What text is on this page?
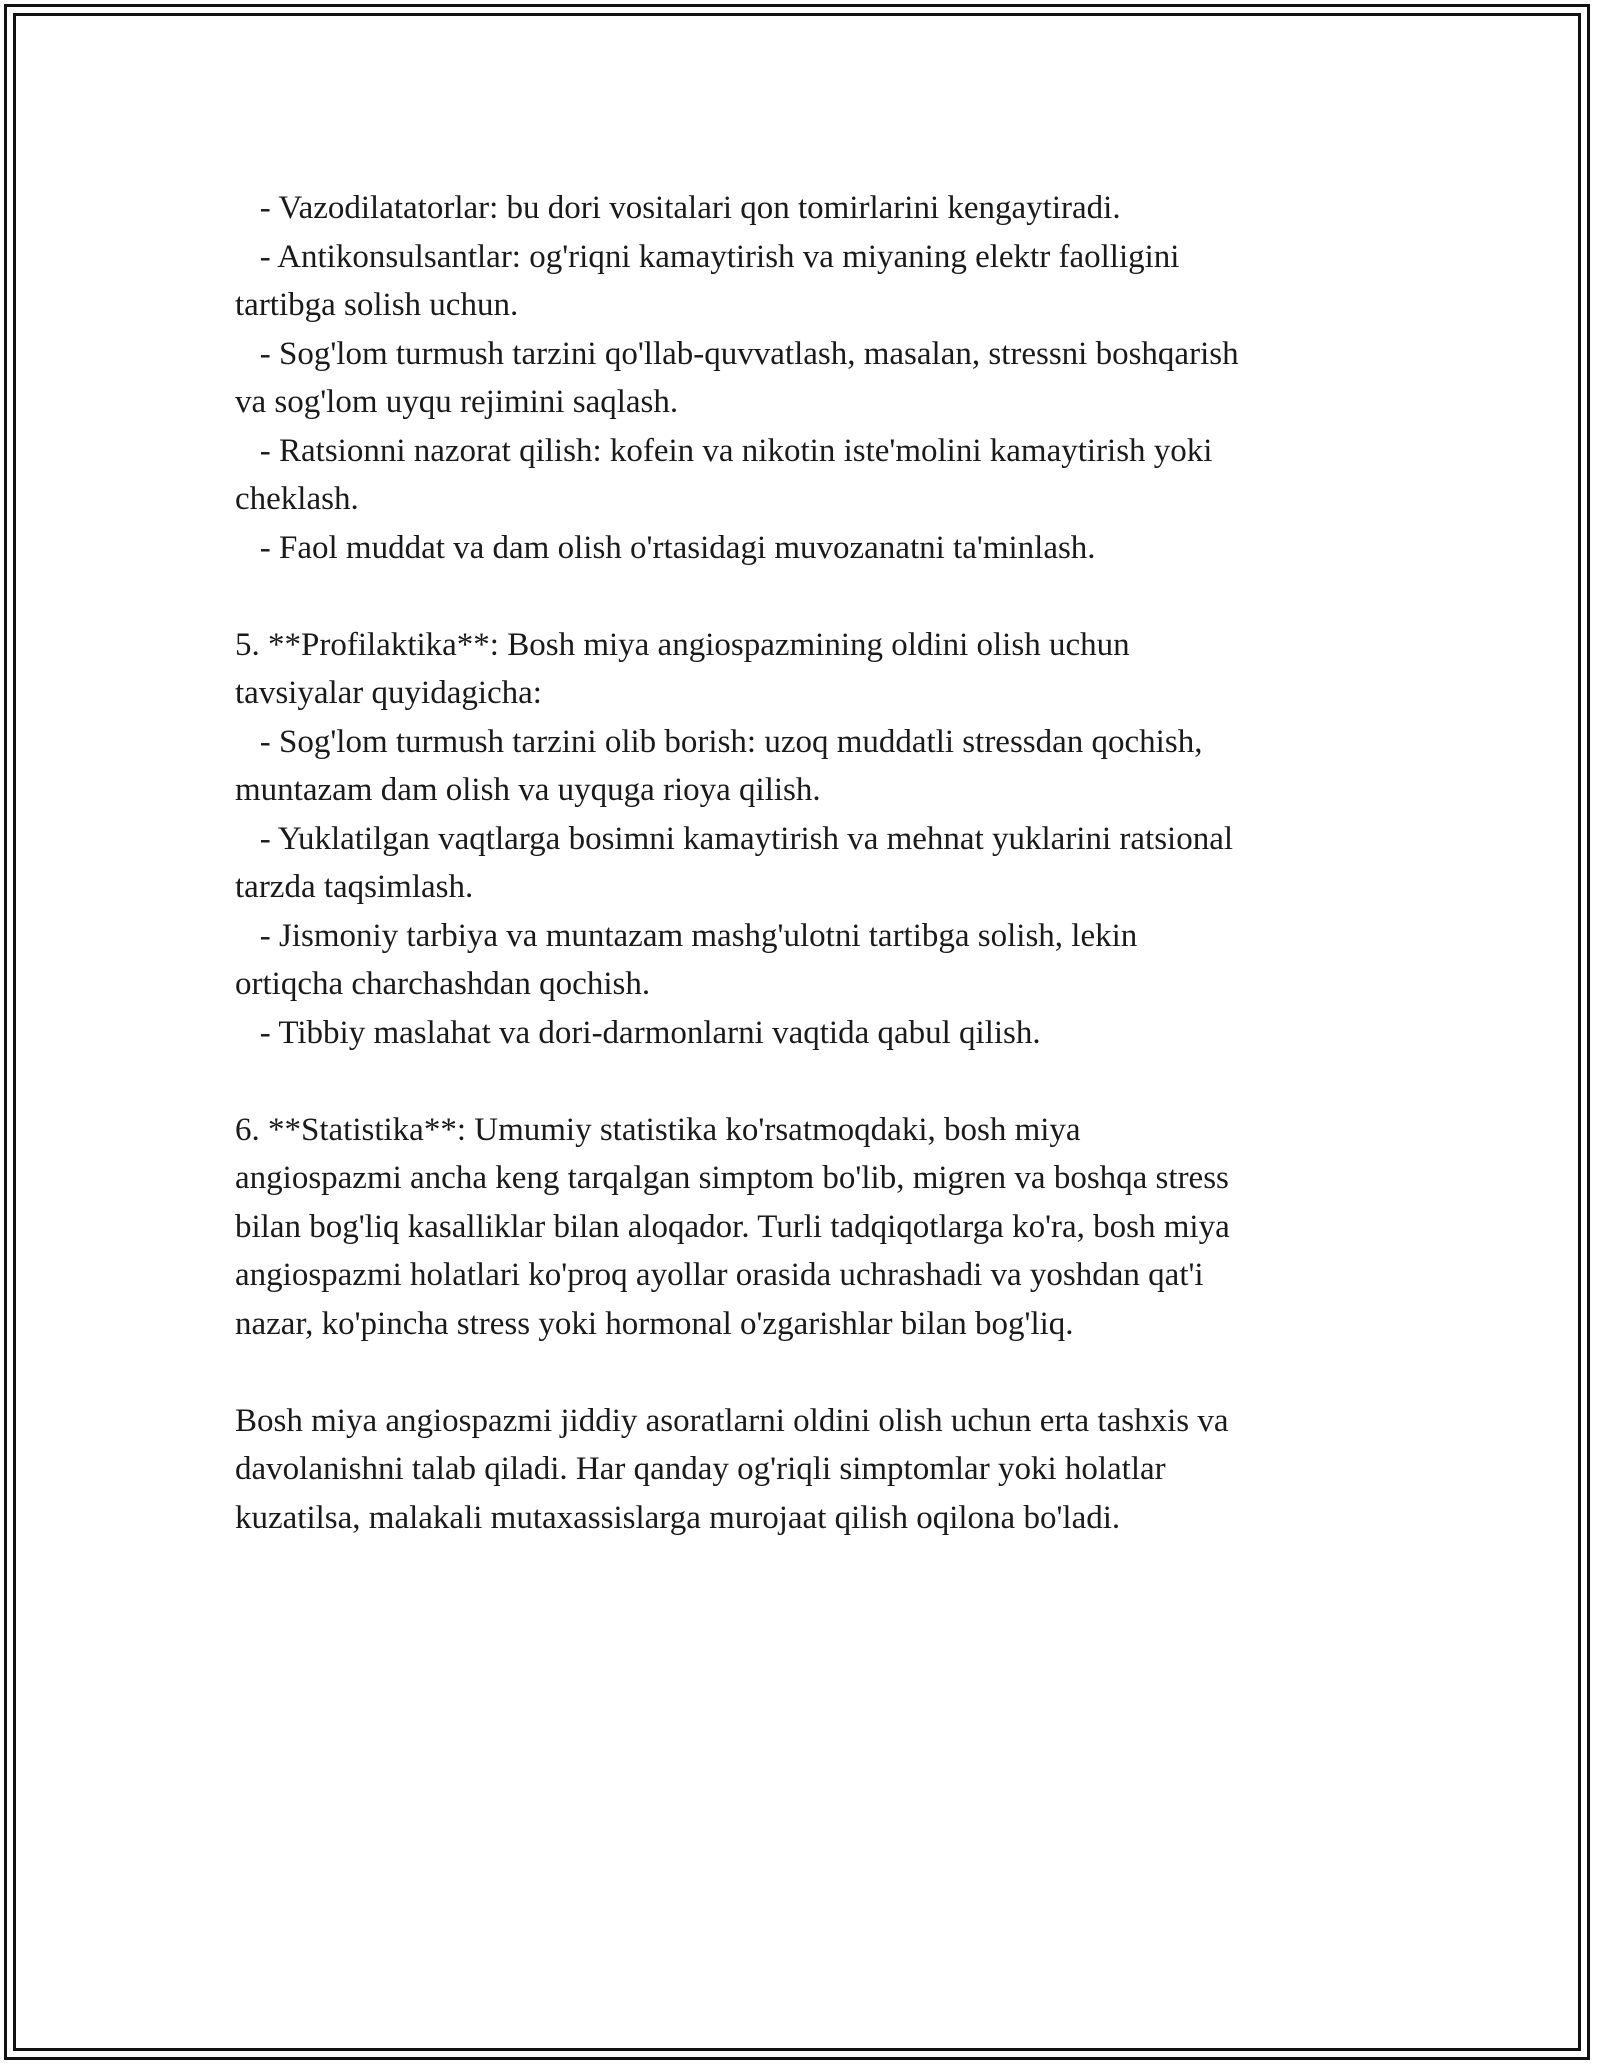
- Vazodilatatorlar: bu dori vositalari qon tomirlarini kengaytiradi.
- Antikonsulsantlar: og'riqni kamaytirish va miyaning elektr faolligini
tartibga solish uchun.
- Sog'lom turmush tarzini qo'llab-quvvatlash, masalan, stressni boshqarish
va sog'lom uyqu rejimini saqlash.
- Ratsionni nazorat qilish: kofein va nikotin iste'molini kamaytirish yoki
cheklash.
- Faol muddat va dam olish o'rtasidagi muvozanatni ta'minlash.
5. **Profilaktika**: Bosh miya angiospazmining oldini olish uchun
tavsiyalar quyidagicha:
- Sog'lom turmush tarzini olib borish: uzoq muddatli stressdan qochish,
muntazam dam olish va uyquga rioya qilish.
- Yuklatilgan vaqtlarga bosimni kamaytirish va mehnat yuklarini ratsional
tarzda taqsimlash.
- Jismoniy tarbiya va muntazam mashg'ulotni tartibga solish, lekin
ortiqcha charchashdan qochish.
- Tibbiy maslahat va dori-darmonlarni vaqtida qabul qilish.
6. **Statistika**: Umumiy statistika ko'rsatmoqdaki, bosh miya
angiospazmi ancha keng tarqalgan simptom bo'lib, migren va boshqa stress
bilan bog'liq kasalliklar bilan aloqador. Turli tadqiqotlarga ko'ra, bosh miya
angiospazmi holatlari ko'proq ayollar orasida uchrashadi va yoshdan qat'i
nazar, ko'pincha stress yoki hormonal o'zgarishlar bilan bog'liq.
Bosh miya angiospazmi jiddiy asoratlarni oldini olish uchun erta tashxis va
davolanishni talab qiladi. Har qanday og'riqli simptomlar yoki holatlar
kuzatilsa, malakali mutaxassislarga murojaat qilish oqilona bo'ladi.
